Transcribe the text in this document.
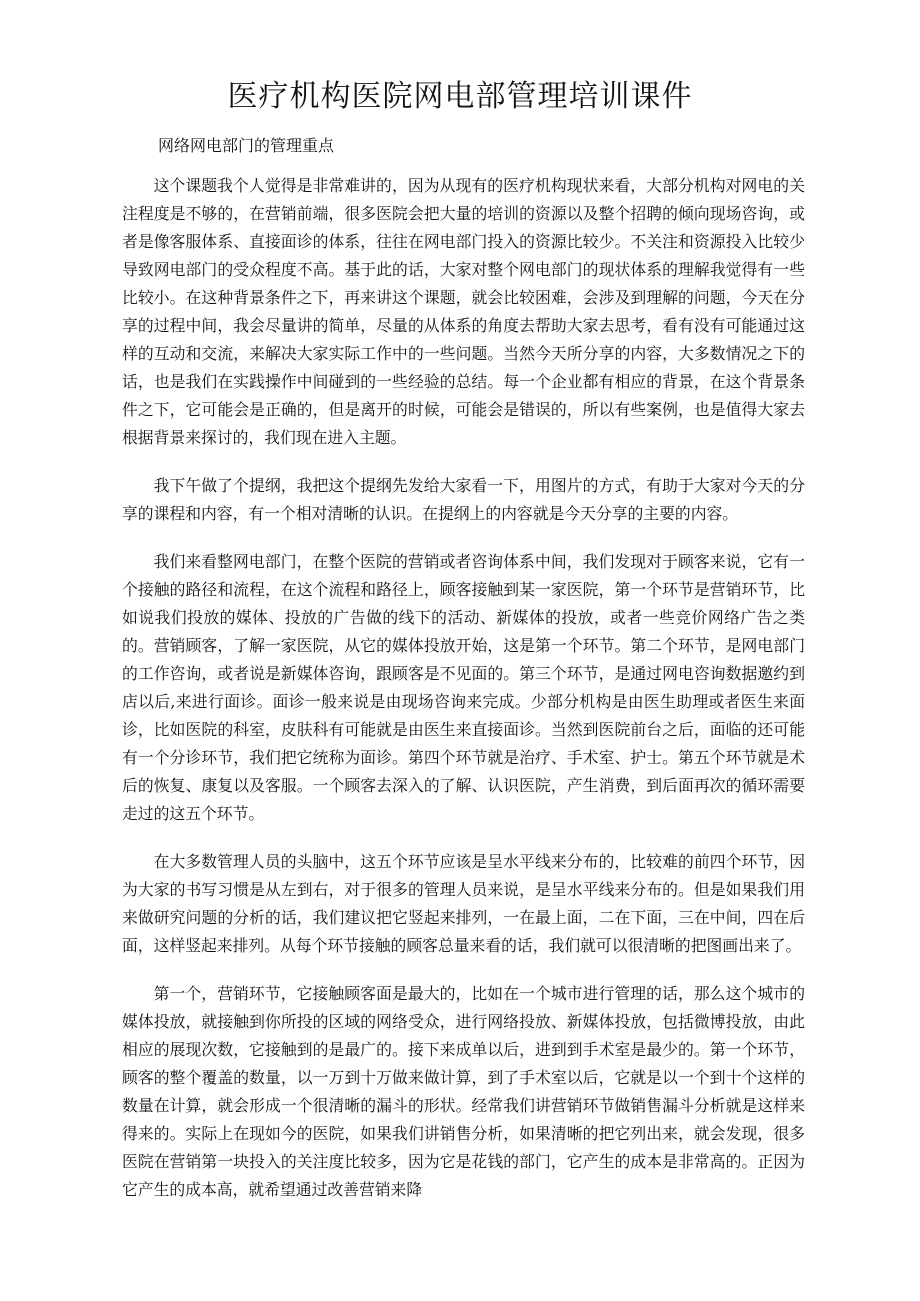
医疗机构医院网电部管理培训课件

网络网电部门的管理重点

这个课题我个人觉得是非常难讲的，因为从现有的医疗机构现状来看，大部分机构对网电的关注程度是不够的，在营销前端，很多医院会把大量的培训的资源以及整个招聘的倾向现场咨询，或者是像客服体系、直接面诊的体系，往往在网电部门投入的资源比较少。不关注和资源投入比较少导致网电部门的受众程度不高。基于此的话，大家对整个网电部门的现状体系的理解我觉得有一些比较小。在这种背景条件之下，再来讲这个课题，就会比较困难，会涉及到理解的问题，今天在分享的过程中间，我会尽量讲的简单，尽量的从体系的角度去帮助大家去思考，看有没有可能通过这样的互动和交流，来解决大家实际工作中的一些问题。当然今天所分享的内容，大多数情况之下的话，也是我们在实践操作中间碰到的一些经验的总结。每一个企业都有相应的背景，在这个背景条件之下，它可能会是正确的，但是离开的时候，可能会是错误的，所以有些案例，也是值得大家去根据背景来探讨的，我们现在进入主题。

我下午做了个提纲，我把这个提纲先发给大家看一下，用图片的方式，有助于大家对今天的分享的课程和内容，有一个相对清晰的认识。在提纲上的内容就是今天分享的主要的内容。

我们来看整网电部门，在整个医院的营销或者咨询体系中间，我们发现对于顾客来说，它有一个接触的路径和流程，在这个流程和路径上，顾客接触到某一家医院，第一个环节是营销环节，比如说我们投放的媒体、投放的广告做的线下的活动、新媒体的投放，或者一些竞价网络广告之类的。营销顾客，了解一家医院，从它的媒体投放开始，这是第一个环节。第二个环节，是网电部门的工作咨询，或者说是新媒体咨询，跟顾客是不见面的。第三个环节，是通过网电咨询数据邀约到店以后,来进行面诊。面诊一般来说是由现场咨询来完成。少部分机构是由医生助理或者医生来面诊，比如医院的科室，皮肤科有可能就是由医生来直接面诊。当然到医院前台之后，面临的还可能有一个分诊环节，我们把它统称为面诊。第四个环节就是治疗、手术室、护士。第五个环节就是术后的恢复、康复以及客服。一个顾客去深入的了解、认识医院，产生消费，到后面再次的循环需要走过的这五个环节。

在大多数管理人员的头脑中，这五个环节应该是呈水平线来分布的，比较难的前四个环节，因为大家的书写习惯是从左到右，对于很多的管理人员来说，是呈水平线来分布的。但是如果我们用来做研究问题的分析的话，我们建议把它竖起来排列，一在最上面，二在下面，三在中间，四在后面，这样竖起来排列。从每个环节接触的顾客总量来看的话，我们就可以很清晰的把图画出来了。

第一个，营销环节，它接触顾客面是最大的，比如在一个城市进行管理的话，那么这个城市的媒体投放，就接触到你所投的区域的网络受众，进行网络投放、新媒体投放，包括微博投放，由此相应的展现次数，它接触到的是最广的。接下来成单以后，进到到手术室是最少的。第一个环节，顾客的整个覆盖的数量，以一万到十万做来做计算，到了手术室以后，它就是以一个到十个这样的数量在计算，就会形成一个很清晰的漏斗的形状。经常我们讲营销环节做销售漏斗分析就是这样来得来的。实际上在现如今的医院，如果我们讲销售分析，如果清晰的把它列出来，就会发现，很多医院在营销第一块投入的关注度比较多，因为它是花钱的部门，它产生的成本是非常高的。正因为它产生的成本高，就希望通过改善营销来降
